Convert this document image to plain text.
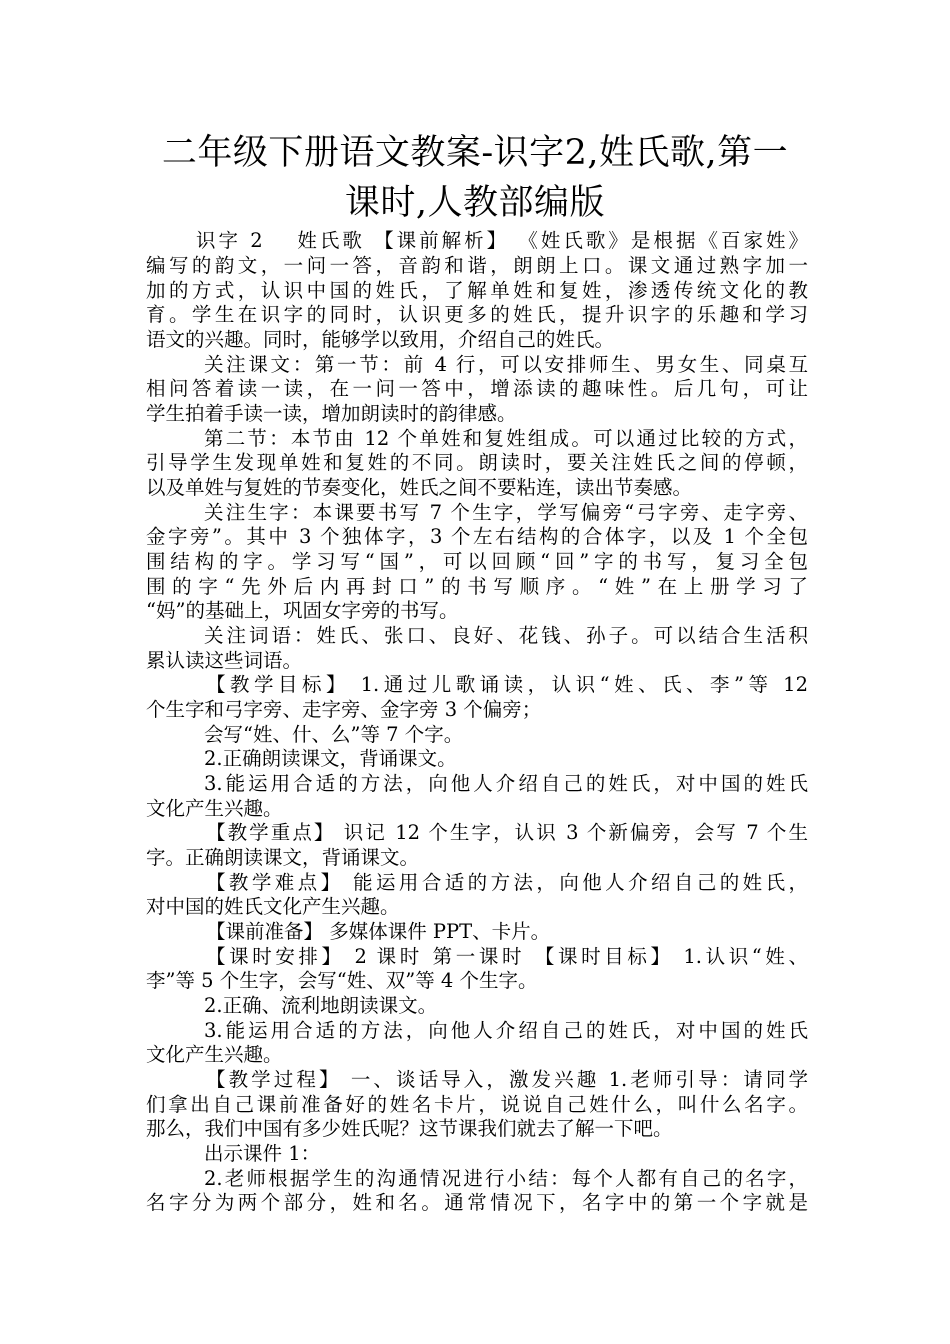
二年级下册语文教案-识字2,姓氏歌,第一
课时,人教部编版
识字 2　 姓氏歌 【课前解析】 《姓氏歌》是根据《百家姓》
编写的韵文，一问一答，音韵和谐，朗朗上口。课文通过熟字加一
加的方式，认识中国的姓氏，了解单姓和复姓，渗透传统文化的教
育。学生在识字的同时，认识更多的姓氏，提升识字的乐趣和学习
语文的兴趣。同时，能够学以致用，介绍自己的姓氏。
关注课文：第一节：前 4 行，可以安排师生、男女生、同桌互
相问答着读一读，在一问一答中，增添读的趣味性。后几句，可让
学生拍着手读一读，增加朗读时的韵律感。
第二节：本节由 12 个单姓和复姓组成。可以通过比较的方式，
引导学生发现单姓和复姓的不同。朗读时，要关注姓氏之间的停顿，
以及单姓与复姓的节奏变化，姓氏之间不要粘连，读出节奏感。
关注生字：本课要书写 7 个生字，学写偏旁“弓字旁、走字旁、
金字旁”。其中 3 个独体字，3 个左右结构的合体字，以及 1 个全包
围结构的字。学习写“国”，可以回顾“回”字的书写，复习全包
围的字“先外后内再封口”的书写顺序。“姓”在上册学习了
“妈”的基础上，巩固女字旁的书写。
关注词语：姓氏、张口、良好、花钱、孙子。可以结合生活积
累认读这些词语。
【教学目标】 1.通过儿歌诵读，认识“姓、氏、李”等 12
个生字和弓字旁、走字旁、金字旁 3 个偏旁；
会写“姓、什、么”等 7 个字。
2.正确朗读课文，背诵课文。
3.能运用合适的方法，向他人介绍自己的姓氏，对中国的姓氏
文化产生兴趣。
【教学重点】 识记 12 个生字，认识 3 个新偏旁，会写 7 个生
字。正确朗读课文，背诵课文。
【教学难点】 能运用合适的方法，向他人介绍自己的姓氏，
对中国的姓氏文化产生兴趣。
【课前准备】 多媒体课件 PPT、卡片。
【课时安排】 2 课时 第一课时 【课时目标】 1.认识“姓、
李”等 5 个生字，会写“姓、双”等 4 个生字。
2.正确、流利地朗读课文。
3.能运用合适的方法，向他人介绍自己的姓氏，对中国的姓氏
文化产生兴趣。
【教学过程】 一、谈话导入，激发兴趣 1.老师引导：请同学
们拿出自己课前准备好的姓名卡片，说说自己姓什么，叫什么名字。
那么，我们中国有多少姓氏呢？这节课我们就去了解一下吧。
出示课件 1：
2.老师根据学生的沟通情况进行小结：每个人都有自己的名字，
名字分为两个部分，姓和名。通常情况下，名字中的第一个字就是
